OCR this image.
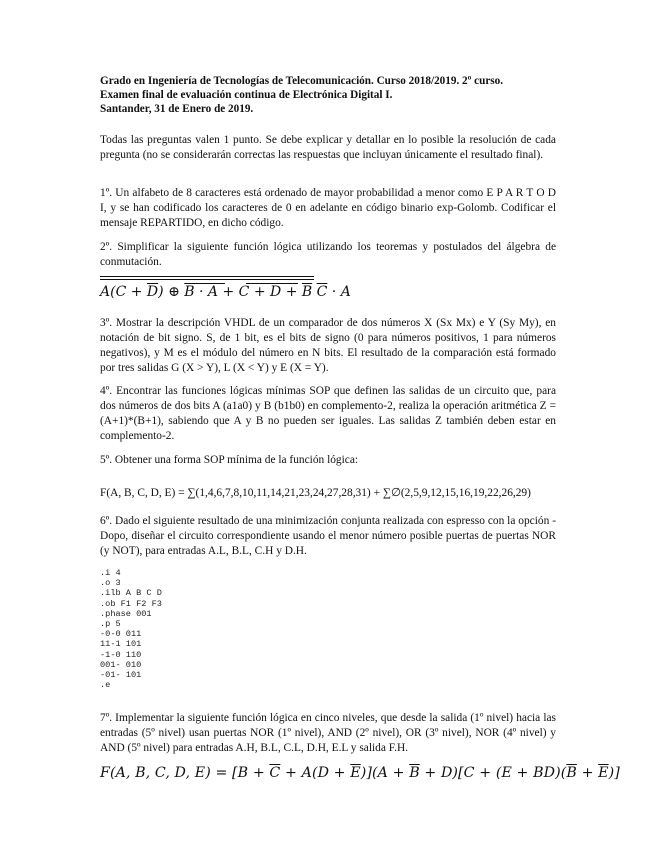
Grado en Ingeniería de Tecnologías de Telecomunicación. Curso 2018/2019. 2º curso.
Examen final de evaluación continua de Electrónica Digital I.
Santander, 31 de Enero de 2019.

Todas las preguntas valen 1 punto. Se debe explicar y detallar en lo posible la resolución de cada pregunta (no se considerarán correctas las respuestas que incluyan únicamente el resultado final).

1º. Un alfabeto de 8 caracteres está ordenado de mayor probabilidad a menor como E P A R T O D I, y se han codificado los caracteres de 0 en adelante en código binario exp-Golomb. Codificar el mensaje REPARTIDO, en dicho código.

2º. Simplificar la siguiente función lógica utilizando los teoremas y postulados del álgebra de conmutación.

$A(C + \overline{D})$ ⊕ $\overline{B} \cdot \overline{A} + C + \overline{D} + \overline{B}$ $\overline{C} \cdot A$

3º. Mostrar la descripción VHDL de un comparador de dos números X (Sx Mx) e Y (Sy My), en notación de bit signo. S, de 1 bit, es el bits de signo (0 para números positivos, 1 para números negativos), y M es el módulo del número en N bits. El resultado de la comparación está formado por tres salidas G (X > Y), L (X < Y) y E (X = Y).

4º. Encontrar las funciones lógicas mínimas SOP que definen las salidas de un circuito que, para dos números de dos bits A (a1a0) y B (b1b0) en complemento-2, realiza la operación aritmética Z = (A+1)*(B+1), sabiendo que A y B no pueden ser iguales. Las salidas Z también deben estar en complemento-2.

5º. Obtener una forma SOP mínima de la función lógica:

F(A, B, C, D, E) = ∑(1,4,6,7,8,10,11,14,21,23,24,27,28,31) + ∑∅(2,5,9,12,15,16,19,22,26,29)

6º. Dado el siguiente resultado de una minimización conjunta realizada con espresso con la opción -Dopo, diseñar el circuito correspondiente usando el menor número posible puertas de puertas NOR (y NOT), para entradas A.L, B.L, C.H y D.H.

.i 4
.o 3
.ilb A B C D
.ob F1 F2 F3
.phase 001
.p 5
-0-0 011
11-1 101
-1-0 110
001- 010
-01- 101
.e

7º. Implementar la siguiente función lógica en cinco niveles, que desde la salida (1º nivel) hacia las entradas (5º nivel) usan puertas NOR (1º nivel), AND (2º nivel), OR (3º nivel), NOR (4º nivel) y AND (5º nivel) para entradas A.H, B.L, C.L, D.H, E.L y salida F.H.

F(A, B, C, D, $E) = [B + \overline{C} + A(D + \overline{E})](A + \overline{B} + D)[C + (E + BD)(\overline{B} + \overline{E})]$
